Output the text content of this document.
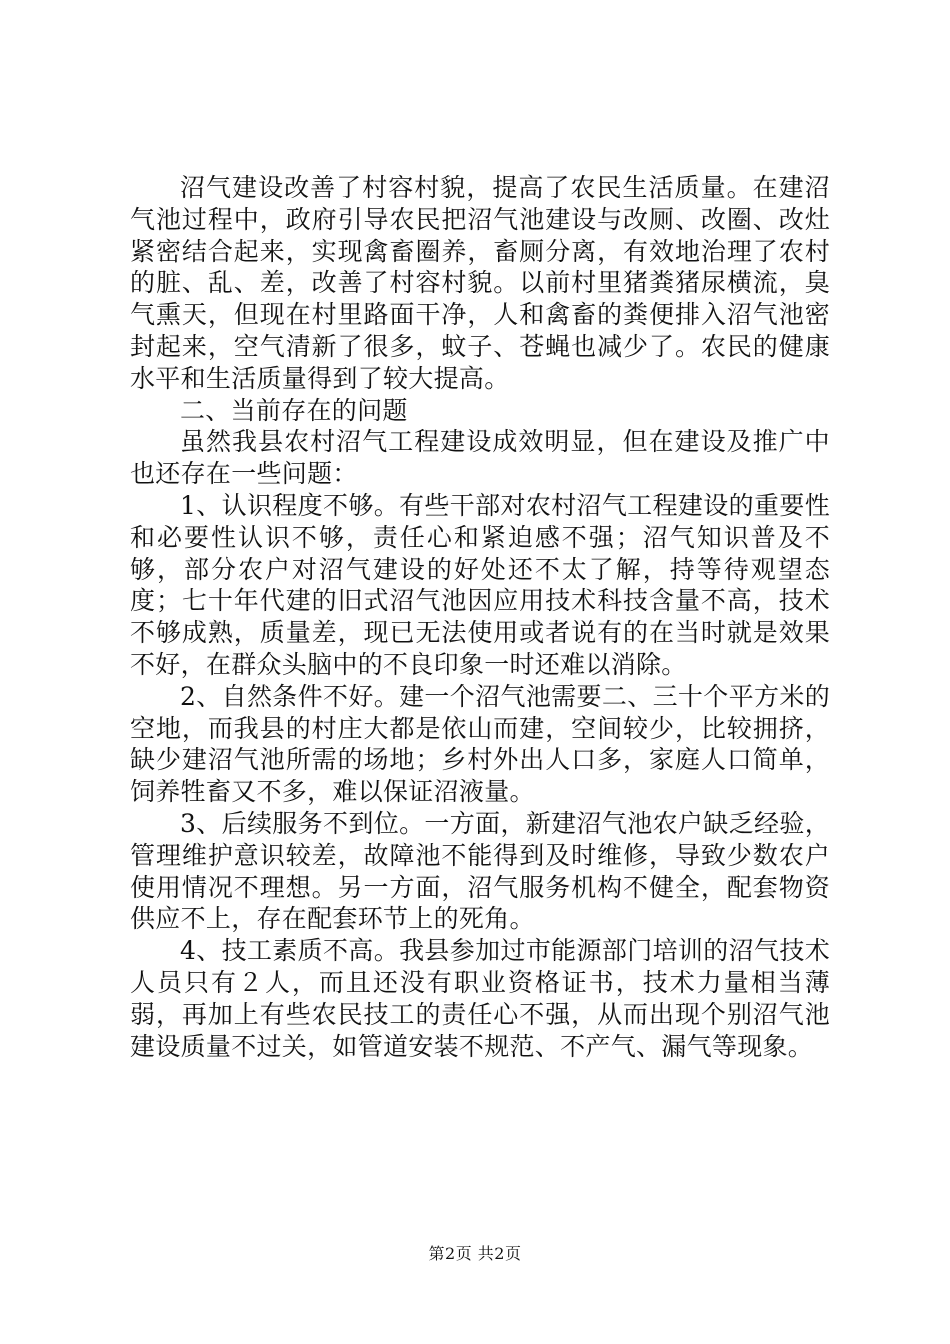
沼气建设改善了村容村貌，提高了农民生活质量。在建沼气池过程中，政府引导农民把沼气池建设与改厕、改圈、改灶紧密结合起来，实现禽畜圈养，畜厕分离，有效地治理了农村的脏、乱、差，改善了村容村貌。以前村里猪粪猪尿横流，臭气熏天，但现在村里路面干净，人和禽畜的粪便排入沼气池密封起来，空气清新了很多，蚊子、苍蝇也减少了。农民的健康水平和生活质量得到了较大提高。

二、当前存在的问题

虽然我县农村沼气工程建设成效明显，但在建设及推广中也还存在一些问题：

1、认识程度不够。有些干部对农村沼气工程建设的重要性和必要性认识不够，责任心和紧迫感不强；沼气知识普及不够，部分农户对沼气建设的好处还不太了解，持等待观望态度；七十年代建的旧式沼气池因应用技术科技含量不高，技术不够成熟，质量差，现已无法使用或者说有的在当时就是效果不好，在群众头脑中的不良印象一时还难以消除。

2、自然条件不好。建一个沼气池需要二、三十个平方米的空地，而我县的村庄大都是依山而建，空间较少，比较拥挤，缺少建沼气池所需的场地；乡村外出人口多，家庭人口简单，饲养牲畜又不多，难以保证沼液量。

3、后续服务不到位。一方面，新建沼气池农户缺乏经验，管理维护意识较差，故障池不能得到及时维修，导致少数农户使用情况不理想。另一方面，沼气服务机构不健全，配套物资供应不上，存在配套环节上的死角。

4、技工素质不高。我县参加过市能源部门培训的沼气技术人员只有２人，而且还没有职业资格证书，技术力量相当薄弱，再加上有些农民技工的责任心不强，从而出现个别沼气池建设质量不过关，如管道安装不规范、不产气、漏气等现象。

第2页 共2页
